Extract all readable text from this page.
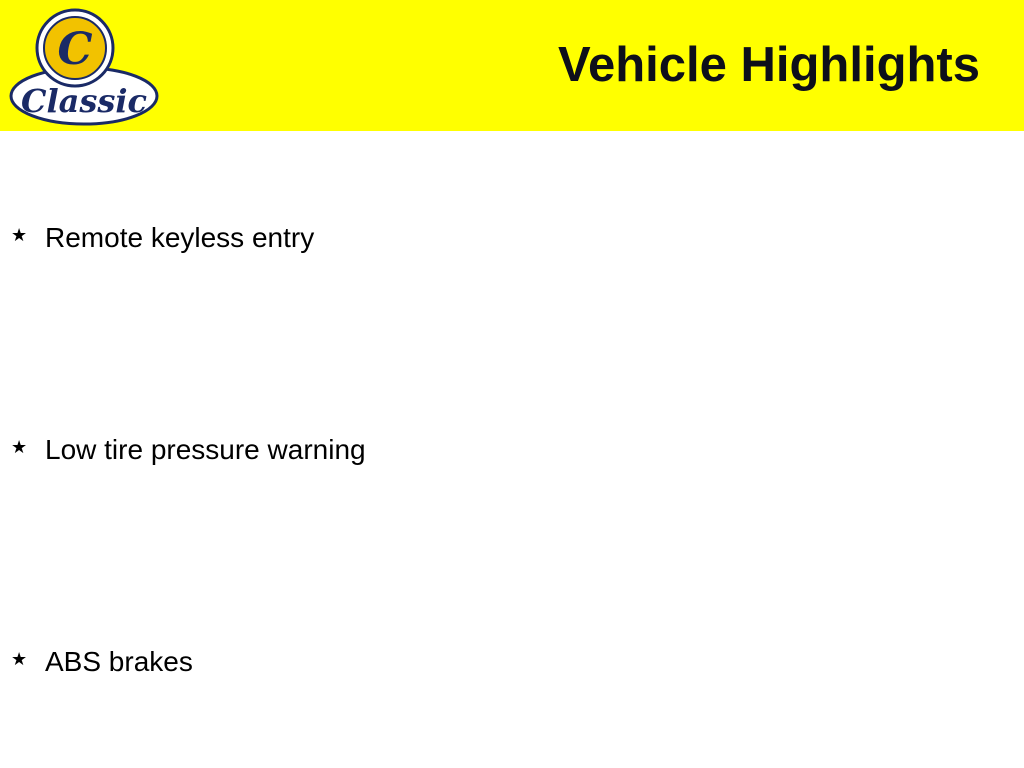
C
Classic
Vehicle Highlights
★ Remote keyless entry
★ Low tire pressure warning
★ ABS brakes
